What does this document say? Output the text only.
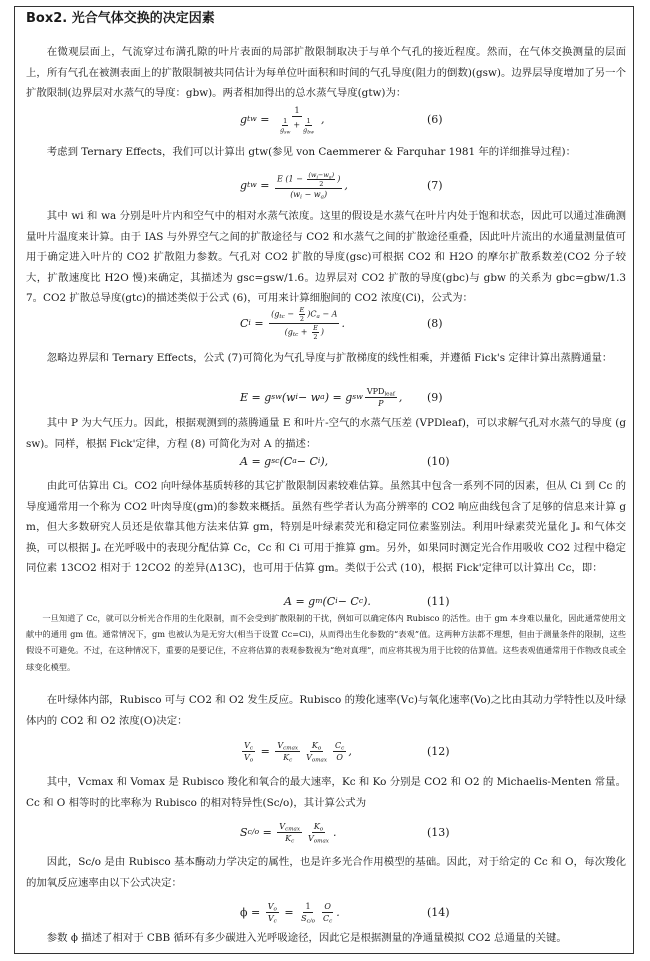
Box2. 光合气体交换的决定因素

在微观层面上，气流穿过布满孔隙的叶片表面的局部扩散限制取决于与单个气孔的接近程度。然而，在气体交换测量的层面上，所有气孔在被测表面上的扩散限制被共同估计为每单位叶面积和时间的气孔导度(阻力的倒数)(gsw)。边界层导度增加了另一个扩散限制(边界层对水蒸气的导度：gbw)。两者相加得出的总水蒸气导度(gtw)为：

g tw = 1
1
$g_{sw}$
+ 1
$g_{bw}$ ,	(6)

考虑到 Ternary Effects，我们可以计算出 gtw(参见 von Caemmerer & Farquhar 1981 年的详细推导过程)：

g tw = $\frac{E (1 - \frac{(w_i-w_a)}{2} )}{(w_i - w_a)}$ ,	(7)

其中 wi 和 wa 分别是叶片内和空气中的相对水蒸气浓度。这里的假设是水蒸气在叶片内处于饱和状态，因此可以通过准确测量叶片温度来计算。由于 IAS 与外界空气之间的扩散途径与 CO2 和水蒸气之间的扩散途径重叠，因此叶片流出的水通量测量值可用于确定进入叶片的 CO2 扩散阻力参数。气孔对 CO2 扩散的导度(gsc)可根据 CO2 和 H2O 的摩尔扩散系数差(CO2 分子较大，扩散速度比 H2O 慢)来确定，其描述为 gsc=gsw/1.6。边界层对 CO2 扩散的导度(gbc)与 gbw 的关系为 gbc=gbw/1.37。CO2 扩散总导度(gtc)的描述类似于公式 (6)，可用来计算细胞间的 CO2 浓度(Ci)，公式为：

C $i = \frac{(g_{tc} - \frac{E}{2} )C_a - A}{(g_{tc} + \frac{E}{2} )}$ .	(8)

忽略边界层和 Ternary Effects，公式 (7)可简化为气孔导度与扩散梯度的线性相乘，并遵循 Fick's 定律计算出蒸腾通量：

E = g sw (w i − w a ) = g sw $\frac{VPD_{leaf}}{P}$ , (9)

其中 P 为大气压力。因此，根据观测到的蒸腾通量 E 和叶片-空气的水蒸气压差 (VPDleaf)，可以求解气孔对水蒸气的导度 (gsw)。同样，根据 Fick'定律，方程 (8) 可简化为对 A 的描述：

A = g sc (C a − C i ),	(10)

由此可估算出 Ci。CO2 向叶绿体基质转移的其它扩散限制因素较难估算。虽然其中包含一系列不同的因素，但从 Ci 到 Cc 的导度通常用一个称为 CO2 叶肉导度(gm)的参数来概括。虽然有些学者认为高分辨率的 CO2 响应曲线包含了足够的信息来计算 gm，但大多数研究人员还是依靠其他方法来估算 gm，特别是叶绿素荧光和稳定同位素鉴别法。利用叶绿素荧光量化 Jₐ 和气体交换，可以根据 Jₐ 在光呼吸中的表现分配估算 Cc，Cc 和 Ci 可用于推算 gm。另外，如果同时测定光合作用吸收 CO2 过程中稳定同位素 13CO2 相对于 12CO2 的差异(Δ13C)，也可用于估算 gm。类似于公式 (10)，根据 Fick'定律可以计算出 Cc，即：

A = g m (C i − C c ).	(11)

一旦知道了 Cc，就可以分析光合作用的生化限制，而不会受到扩散限制的干扰，例如可以确定体内 Rubisco 的活性。由于 gm 本身难以量化，因此通常使用文献中的通用 gm 值。通常情况下，gm 也被认为是无穷大(相当于设置 Cc=Ci)，从而得出生化参数的“表观”值。这两种方法都不理想，但由于测量条件的限制，这些假设不可避免。不过，在这种情况下，重要的是要记住，不应将估算的表观参数视为“绝对真理”，而应将其视为用于比较的估算值。这些表观值通常用于作物改良或全球变化模型。

在叶绿体内部，Rubisco 可与 CO2 和 O2 发生反应。Rubisco 的羧化速率(Vc)与氧化速率(Vo)之比由其动力学特性以及叶绿体内的 CO2 和 O2 浓度(O)决定：

$\frac{V_c}{V_o} = \frac{V_{cmax}}{K_c} \frac{K_o}{V_{omax}} \frac{C_c}{O}$ ,	(12)

其中，Vcmax 和 Vomax 是 Rubisco 羧化和氧合的最大速率，Kc 和 Ko 分别是 CO2 和 O2 的 Michaelis-Menten 常量。Cc 和 O 相等时的比率称为 Rubisco 的相对特异性(Sc/o)，其计算公式为

S $c/o = \frac{V_{cmax}}{K_c} \frac{K_o}{V_{omax}}$ .	(13)

因此，Sc/o 是由 Rubisco 基本酶动力学决定的属性，也是许多光合作用模型的基础。因此，对于给定的 Cc 和 O，每次羧化的加氧反应速率由以下公式决定：

$\phi = \frac{V_o}{V_c} = \frac{1}{S_{c/o}} \frac{O}{C_c}$ .	(14)

参数 ϕ 描述了相对于 CBB 循环有多少碳进入光呼吸途径，因此它是根据测量的净通量模拟 CO2 总通量的关键。
